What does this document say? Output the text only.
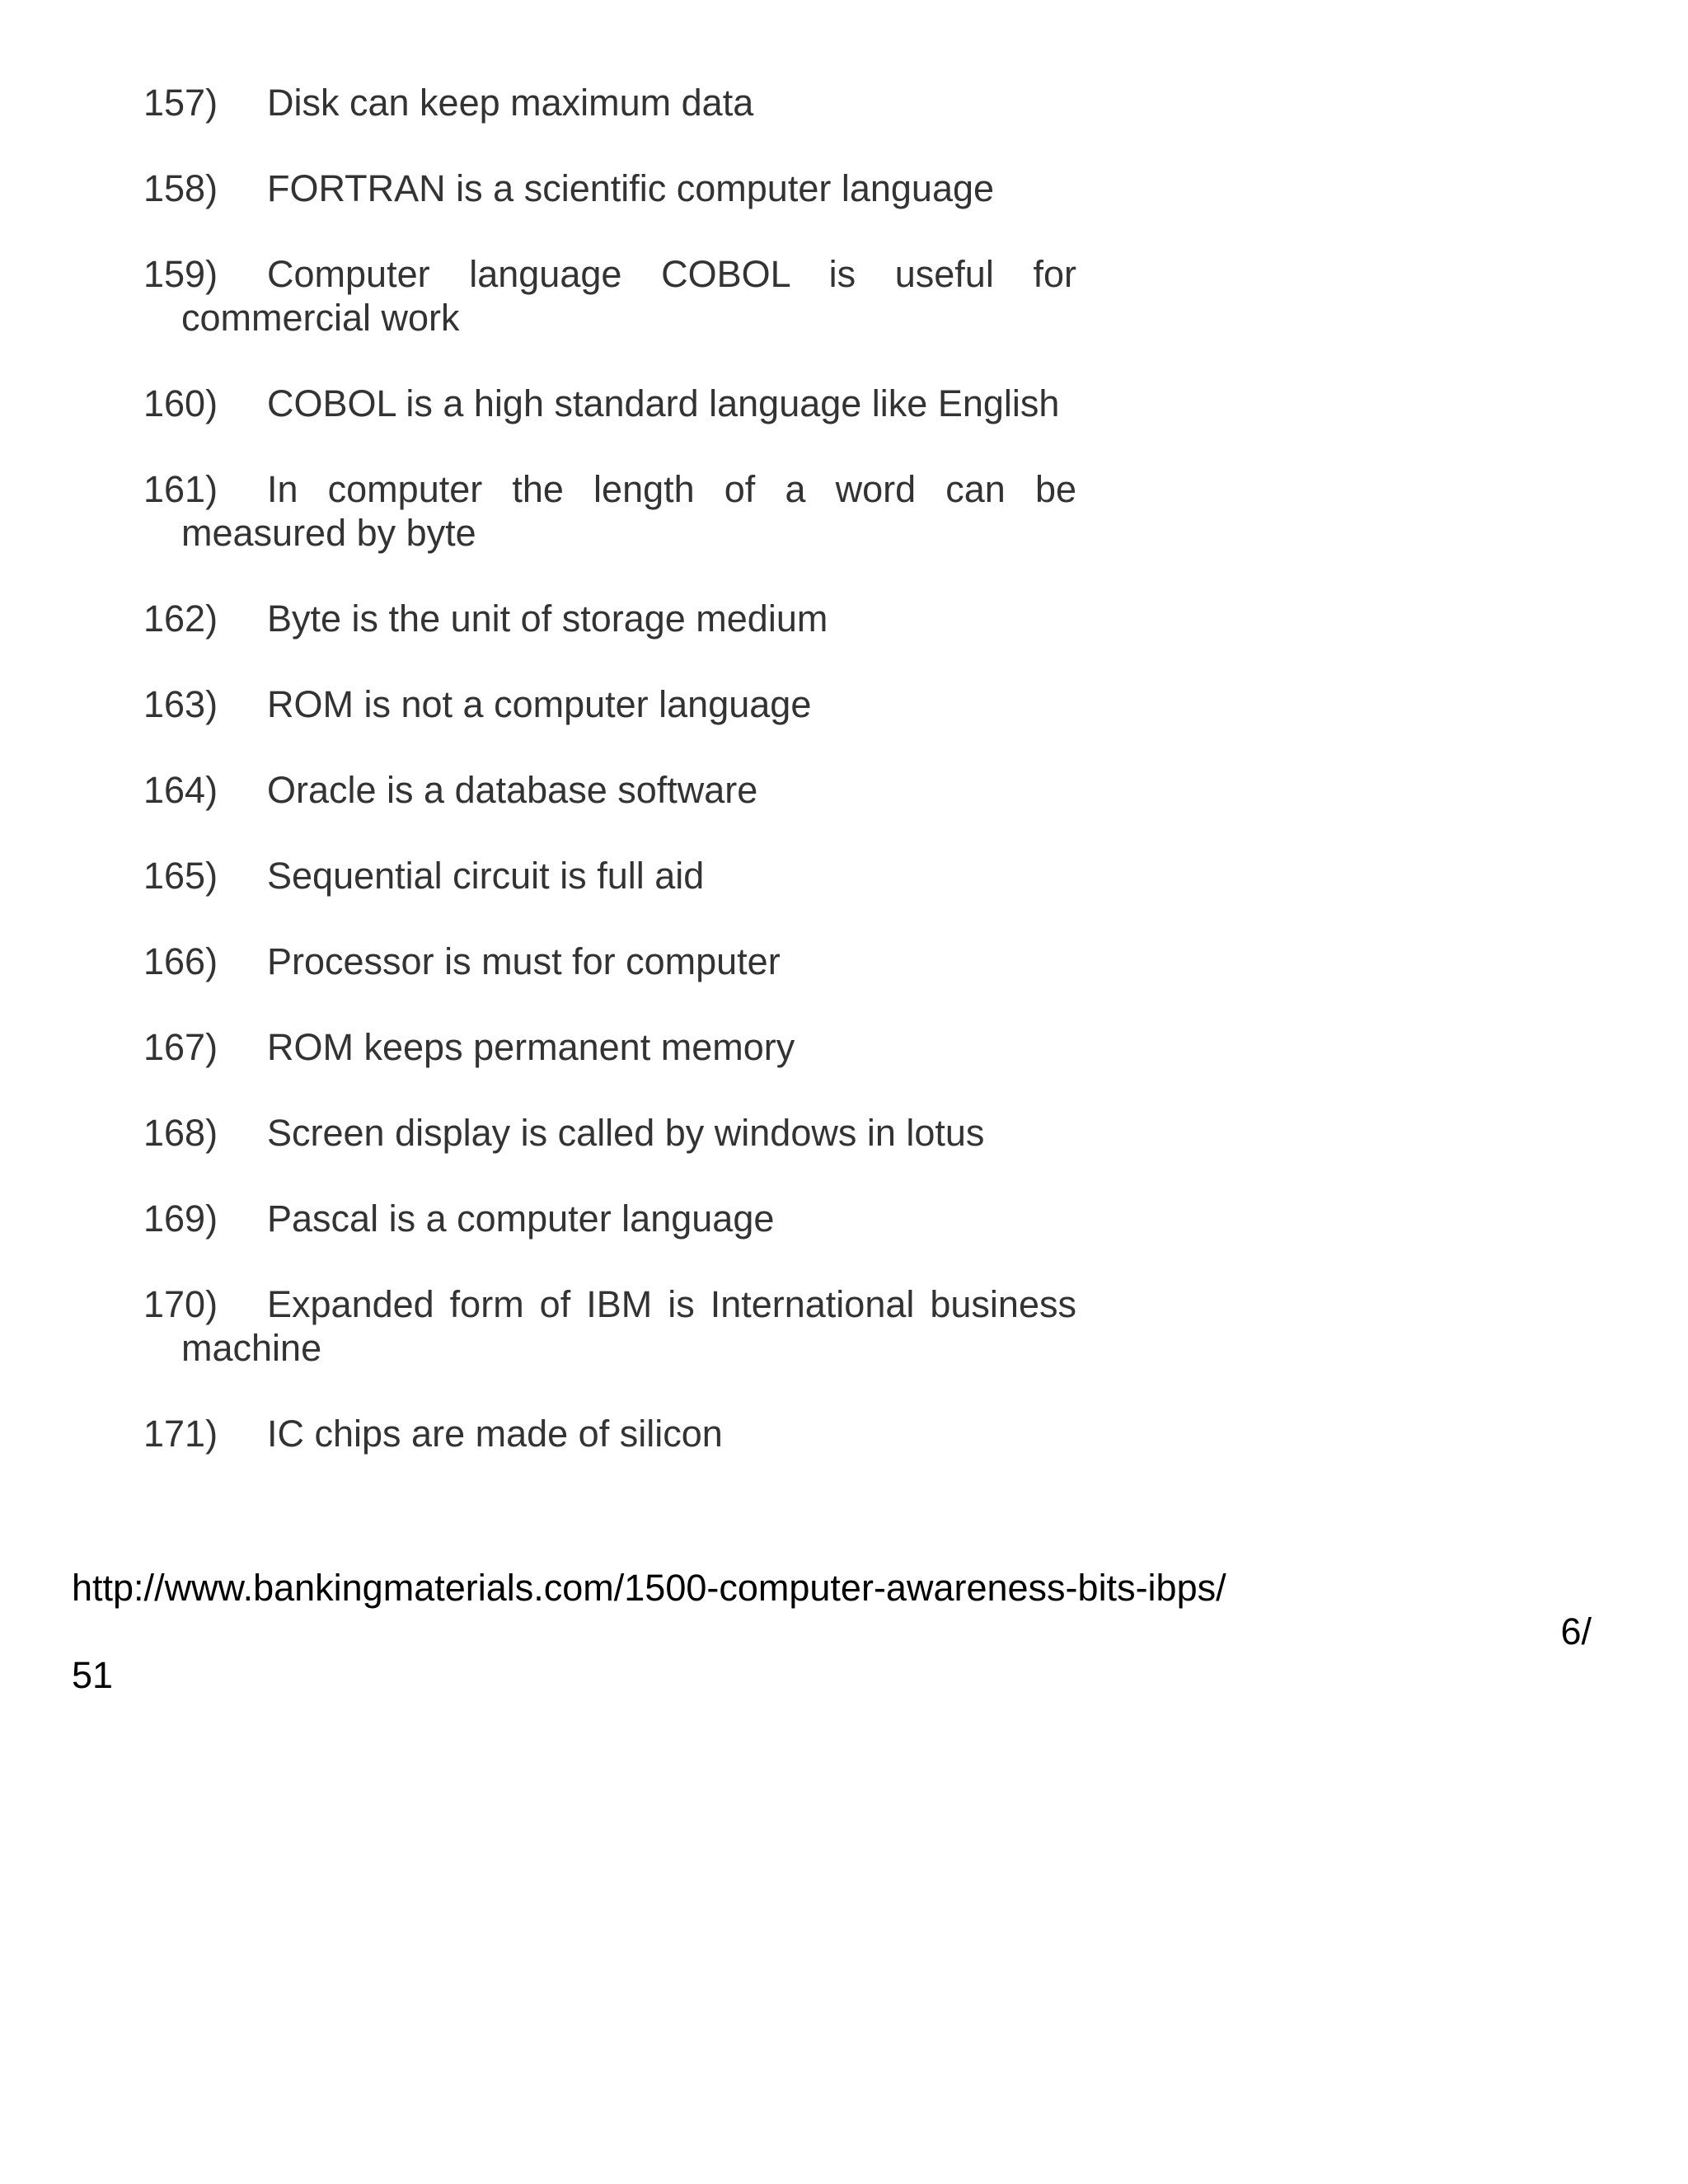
157) Disk can keep maximum data
158) FORTRAN is a scientific computer language
159) Computer language COBOL is useful for commercial work
160) COBOL is a high standard language like English
161) In computer the length of a word can be measured by byte
162) Byte is the unit of storage medium
163) ROM is not a computer language
164) Oracle is a database software
165) Sequential circuit is full aid
166) Processor is must for computer
167) ROM keeps permanent memory
168) Screen display is called by windows in lotus
169) Pascal is a computer language
170) Expanded form of IBM is International business machine
171) IC chips are made of silicon
http://www.bankingmaterials.com/1500-computer-awareness-bits-ibps/
6/
51
